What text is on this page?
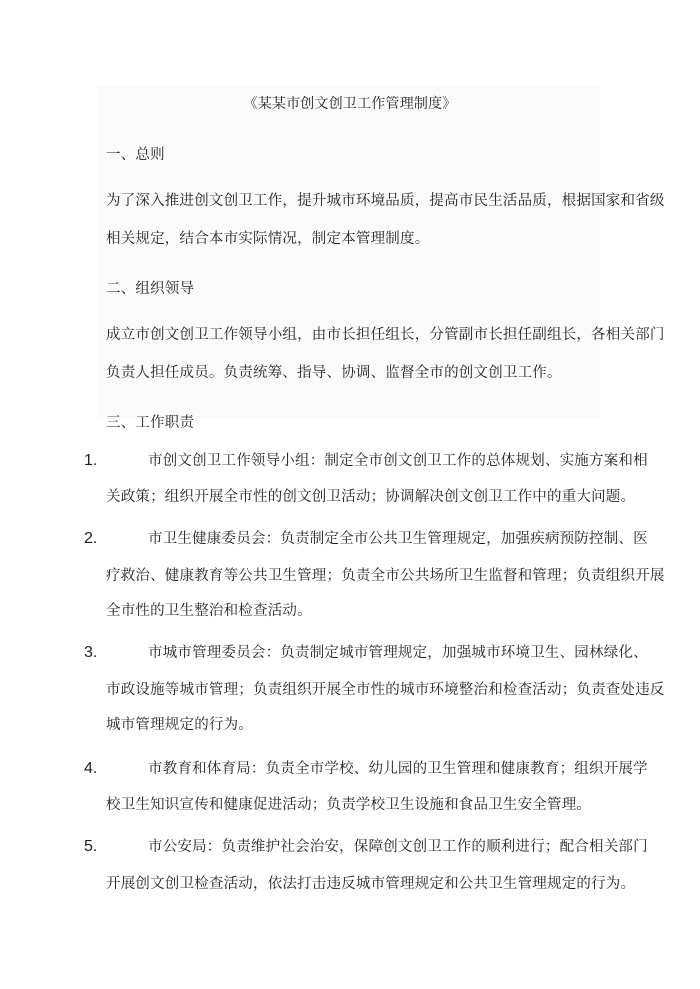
《某某市创文创卫工作管理制度》
一、总则
为了深入推进创文创卫工作，提升城市环境品质，提高市民生活品质，根据国家和省级
相关规定，结合本市实际情况，制定本管理制度。
二、组织领导
成立市创文创卫工作领导小组，由市长担任组长，分管副市长担任副组长，各相关部门
负责人担任成员。负责统筹、指导、协调、监督全市的创文创卫工作。
三、工作职责
1.	市创文创卫工作领导小组：制定全市创文创卫工作的总体规划、实施方案和相
关政策；组织开展全市性的创文创卫活动；协调解决创文创卫工作中的重大问题。
2.	市卫生健康委员会：负责制定全市公共卫生管理规定，加强疾病预防控制、医
疗救治、健康教育等公共卫生管理；负责全市公共场所卫生监督和管理；负责组织开展
全市性的卫生整治和检查活动。
3.	市城市管理委员会：负责制定城市管理规定，加强城市环境卫生、园林绿化、
市政设施等城市管理；负责组织开展全市性的城市环境整治和检查活动；负责查处违反
城市管理规定的行为。
4.	市教育和体育局：负责全市学校、幼儿园的卫生管理和健康教育；组织开展学
校卫生知识宣传和健康促进活动；负责学校卫生设施和食品卫生安全管理。
5.	市公安局：负责维护社会治安，保障创文创卫工作的顺利进行；配合相关部门
开展创文创卫检查活动，依法打击违反城市管理规定和公共卫生管理规定的行为。
